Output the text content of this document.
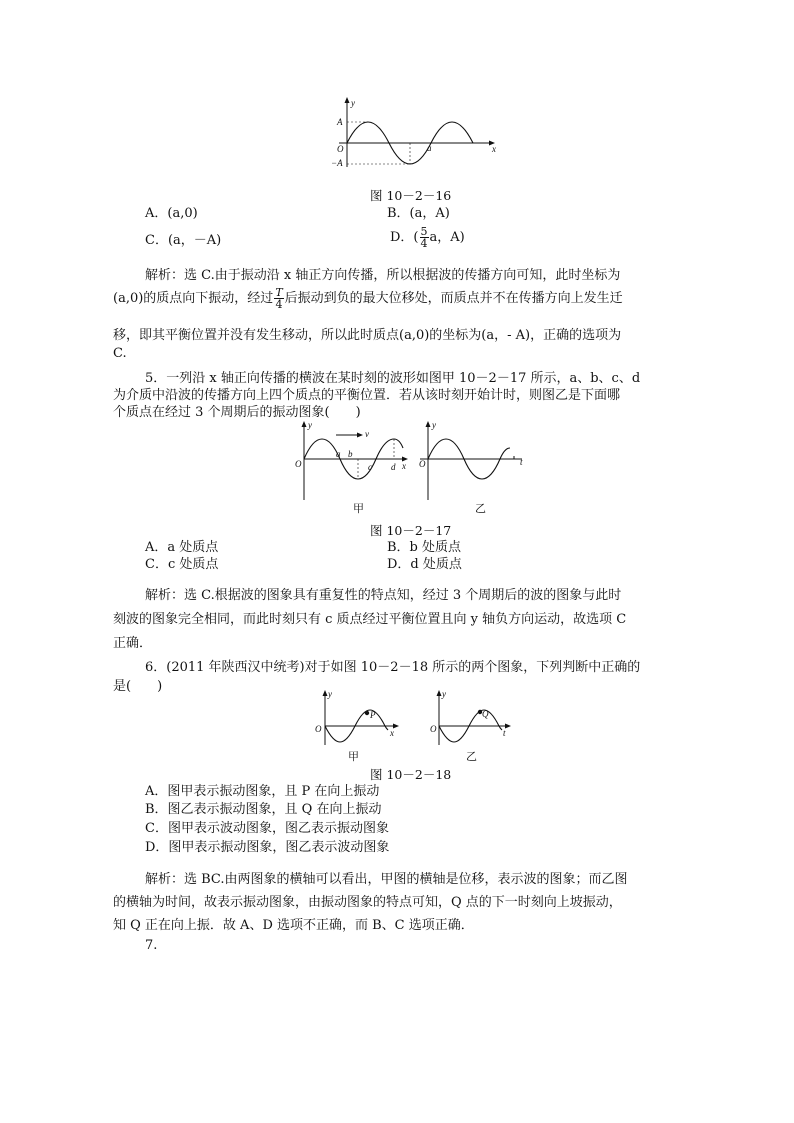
y
A
O
−A
a	x
图 10－2－16
A．(a,0)	B．(a，A)
C．(a，－A)	D．( $\frac{5}{4}$ a，A)
解析：选 C.由于振动沿 x 轴正方向传播，所以根据波的传播方向可知，此时坐标为
(a,0)的质点向下振动，经过 $\frac{T}{4}$ 后振动到负的最大位移处，而质点并不在传播方向上发生迁
移，即其平衡位置并没有发生移动，所以此时质点(a,0)的坐标为(a，- A)，正确的选项为
C.
5．一列沿 x 轴正向传播的横波在某时刻的波形如图甲 10－2－17 所示，a、b、c、d
为介质中沿波的传播方向上四个质点的平衡位置．若从该时刻开始计时，则图乙是下面哪
个质点在经过 3 个周期后的振动图象(　　)
v
y
O
a b
c d x
甲
y
O	t
乙
图 10－2－17
A．a 处质点	B．b 处质点
C．c 处质点	D．d 处质点
解析：选 C.根据波的图象具有重复性的特点知，经过 3 个周期后的波的图象与此时
刻波的图象完全相同，而此时刻只有 c 质点经过平衡位置且向 y 轴负方向运动，故选项 C
正确．
6．(2011 年陕西汉中统考)对于如图 10－2－18 所示的两个图象，下列判断中正确的
是(　　)
P
y
O	x
甲
Q
y
O	t
乙
图 10－2－18
A．图甲表示振动图象，且 P 在向上振动
B．图乙表示振动图象，且 Q 在向上振动
C．图甲表示波动图象，图乙表示振动图象
D．图甲表示振动图象，图乙表示波动图象
解析：选 BC.由两图象的横轴可以看出，甲图的横轴是位移，表示波的图象；而乙图
的横轴为时间，故表示振动图象，由振动图象的特点可知，Q 点的下一时刻向上坡振动，
知 Q 正在向上振．故 A、D 选项不正确，而 B、C 选项正确．
7.
